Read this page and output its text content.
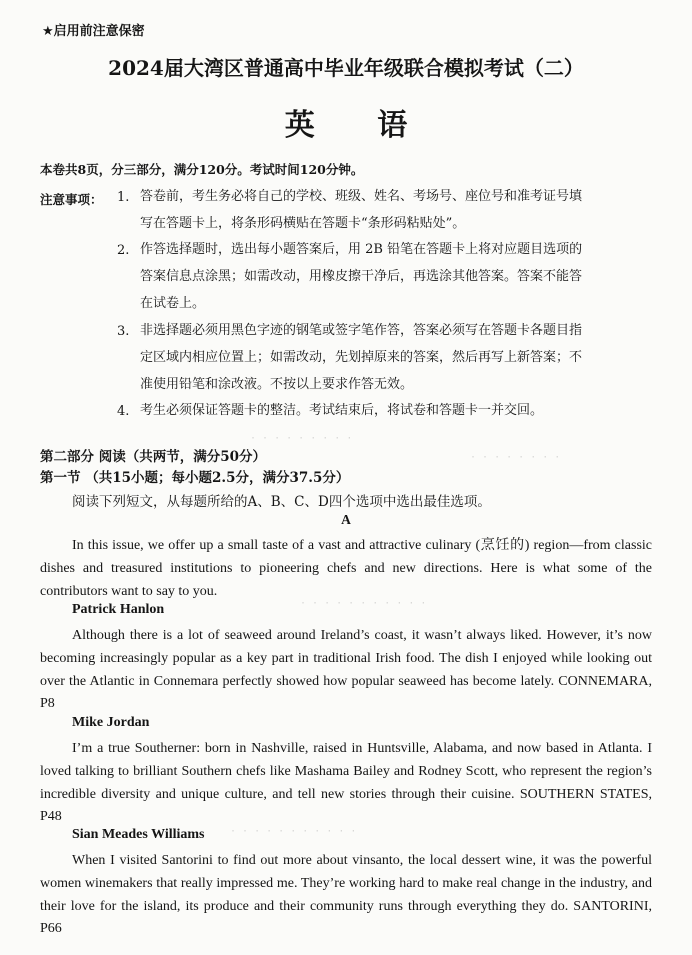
★启用前注意保密
2024届大湾区普通高中毕业年级联合模拟考试（二）
英 语
本卷共8页，分三部分，满分120分。考试时间120分钟。
注意事项： 1. 答卷前，考生务必将自己的学校、班级、姓名、考场号、座位号和准考证号填
写在答题卡上，将条形码横贴在答题卡“条形码粘贴处”。
2. 作答选择题时，选出每小题答案后，用 2B 铅笔在答题卡上将对应题目选项的
答案信息点涂黑；如需改动，用橡皮擦干净后，再选涂其他答案。答案不能答
在试卷上。
3. 非选择题必须用黑色字迹的钢笔或签字笔作答，答案必须写在答题卡各题目指
定区域内相应位置上；如需改动，先划掉原来的答案，然后再写上新答案；不
准使用铅笔和涂改液。不按以上要求作答无效。
4. 考生必须保证答题卡的整洁。考试结束后，将试卷和答题卡一并交回。
· · · · · · · · ·
· · · · · · · ·
· · · · · · · · · · ·
· · · · · · · · · · ·
第二部分 阅读（共两节，满分50分）
第一节 （共15小题；每小题2.5分，满分37.5分）
阅读下列短文，从每题所给的A、B、C、D四个选项中选出最佳选项。
A
In this issue, we offer up a small taste of a vast and attractive culinary (烹饪的) region—from classic dishes and treasured institutions to pioneering chefs and new directions. Here is what some of the contributors want to say to you.
Patrick Hanlon
Although there is a lot of seaweed around Ireland’s coast, it wasn’t always liked. However, it’s now becoming increasingly popular as a key part in traditional Irish food. The dish I enjoyed while looking out over the Atlantic in Connemara perfectly showed how popular seaweed has become lately. CONNEMARA, P8
Mike Jordan
I’m a true Southerner: born in Nashville, raised in Huntsville, Alabama, and now based in Atlanta. I loved talking to brilliant Southern chefs like Mashama Bailey and Rodney Scott, who represent the region’s incredible diversity and unique culture, and tell new stories through their cuisine. SOUTHERN STATES, P48
Sian Meades Williams
When I visited Santorini to find out more about vinsanto, the local dessert wine, it was the powerful women winemakers that really impressed me. They’re working hard to make real change in the industry, and their love for the island, its produce and their community runs through everything they do. SANTORINI, P66
